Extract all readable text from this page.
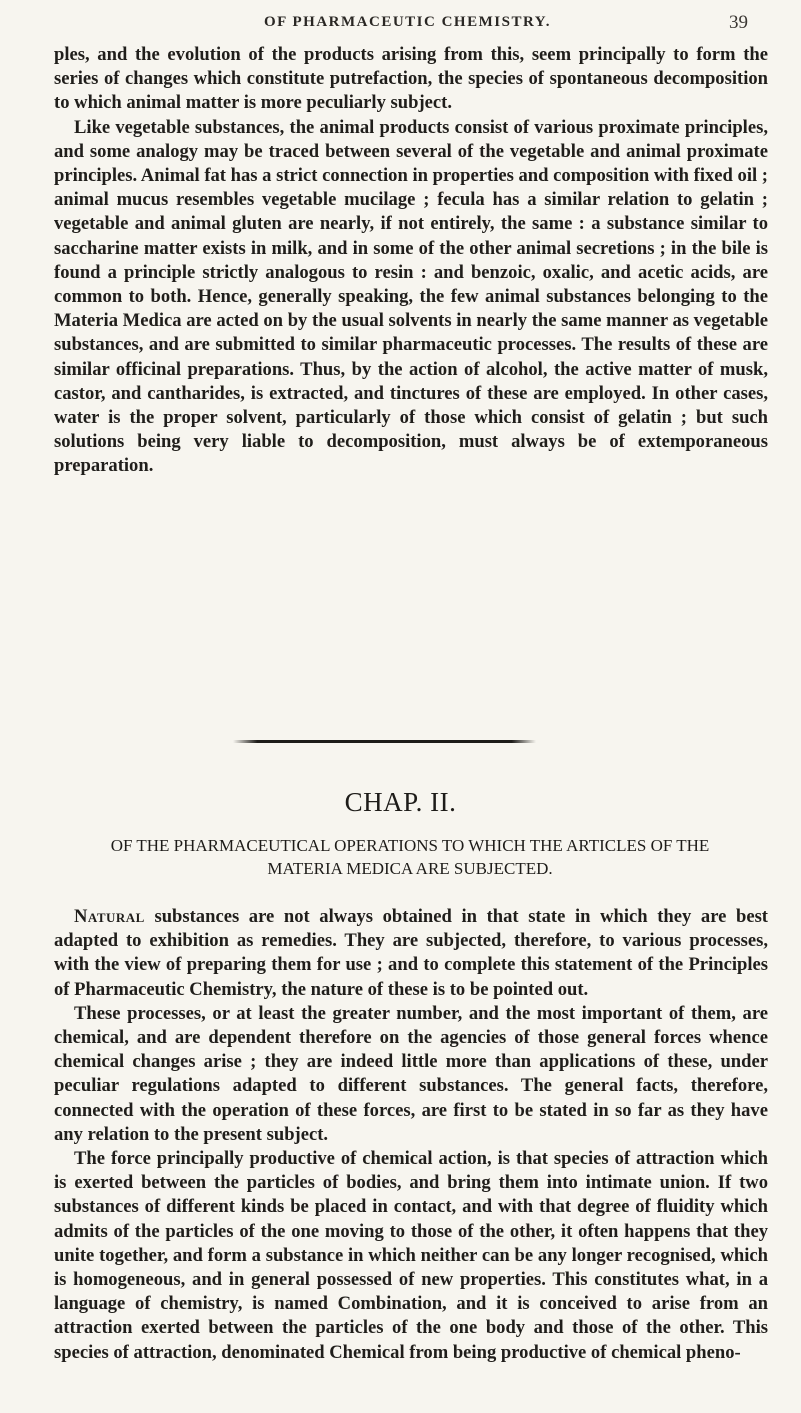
OF PHARMACEUTIC CHEMISTRY.	39

ples, and the evolution of the products arising from this, seem principally to form the series of changes which constitute putrefaction, the species of spontaneous decomposition to which animal matter is more peculiarly subject.

Like vegetable substances, the animal products consist of various proximate principles, and some analogy may be traced between several of the vegetable and animal proximate principles. Animal fat has a strict connection in properties and composition with fixed oil ; animal mucus resembles vegetable mucilage ; fecula has a similar relation to gelatin ; vegetable and animal gluten are nearly, if not entirely, the same : a substance similar to saccharine matter exists in milk, and in some of the other animal secretions ; in the bile is found a principle strictly analogous to resin : and benzoic, oxalic, and acetic acids, are common to both. Hence, generally speaking, the few animal substances belonging to the Materia Medica are acted on by the usual solvents in nearly the same manner as vegetable substances, and are submitted to similar pharmaceutic processes. The results of these are similar officinal preparations. Thus, by the action of alcohol, the active matter of musk, castor, and cantharides, is extracted, and tinctures of these are employed. In other cases, water is the proper solvent, particularly of those which consist of gelatin ; but such solutions being very liable to decomposition, must always be of extemporaneous preparation.

CHAP. II.
OF THE PHARMACEUTICAL OPERATIONS TO WHICH THE ARTICLES OF THE MATERIA MEDICA ARE SUBJECTED.

Natural substances are not always obtained in that state in which they are best adapted to exhibition as remedies. They are subjected, therefore, to various processes, with the view of preparing them for use ; and to complete this statement of the Principles of Pharmaceutic Chemistry, the nature of these is to be pointed out.

These processes, or at least the greater number, and the most important of them, are chemical, and are dependent therefore on the agencies of those general forces whence chemical changes arise ; they are indeed little more than applications of these, under peculiar regulations adapted to different substances. The general facts, therefore, connected with the operation of these forces, are first to be stated in so far as they have any relation to the present subject.

The force principally productive of chemical action, is that species of attraction which is exerted between the particles of bodies, and bring them into intimate union. If two substances of different kinds be placed in contact, and with that degree of fluidity which admits of the particles of the one moving to those of the other, it often happens that they unite together, and form a substance in which neither can be any longer recognised, which is homogeneous, and in general possessed of new properties. This constitutes what, in a language of chemistry, is named Combination, and it is conceived to arise from an attraction exerted between the particles of the one body and those of the other. This species of attraction, denominated Chemical from being productive of chemical pheno-
